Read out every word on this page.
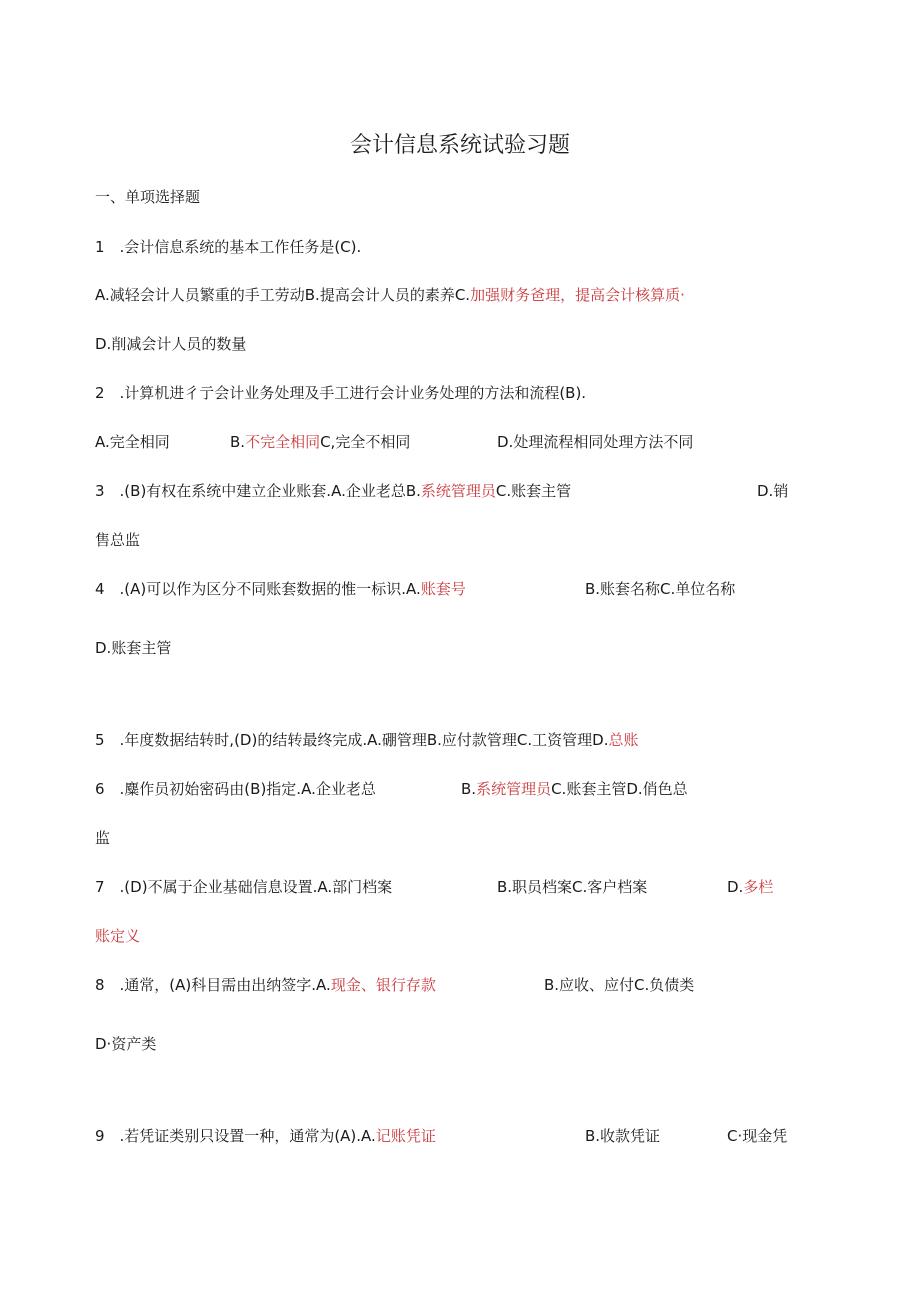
会计信息系统试验习题
一、单项选择题
1　.会计信息系统的基本工作任务是(C).
A.减轻会计人员繁重的手工劳动B.提高会计人员的素养C.加强财务爸理，提高会计核算质·
D.削减会计人员的数量
2　.计算机进彳亍会计业务处理及手工进行会计业务处理的方法和流程(B).
A.完全相同	B.不完全相同C,完全不相同	D.处理流程相同处理方法不同
3　.(B)有权在系统中建立企业账套.A.企业老总B.系统管理员C.账套主管	D.销
售总监
4　.(A)可以作为区分不同账套数据的惟一标识.A.账套号	B.账套名称C.单位名称
D.账套主管
5　.年度数据结转时,(D)的结转最终完成.A.硼管理B.应付款管理C.工资管理D.总账
6　.麋作员初始密码由(B)指定.A.企业老总	B.系统管理员C.账套主管D.俏色总
监
7　.(D)不属于企业基础信息设置.A.部门档案	B.职员档案C.客户档案	D.多栏
账定义
8　.通常，(A)科目需由出纳签字.A.现金、银行存款	B.应收、应付C.负债类
D·资产类
9　.若凭证类别只设置一种，通常为(A).A.记账凭证	B.收款凭证	C·现金凭
